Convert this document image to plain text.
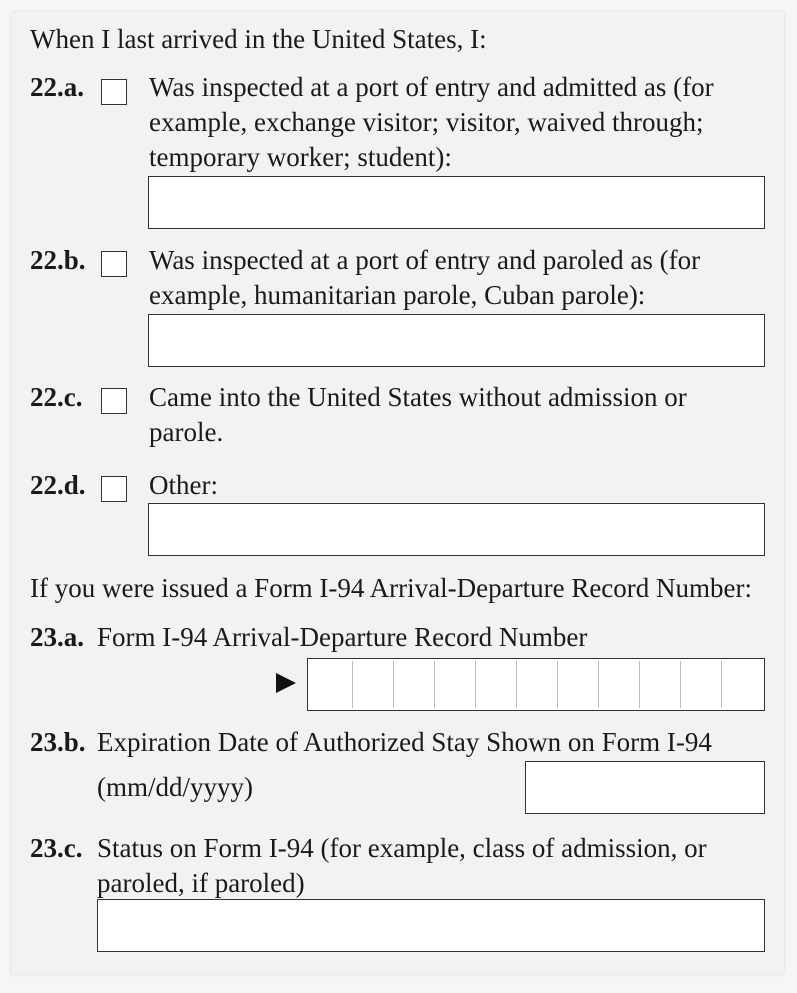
When I last arrived in the United States, I:
22.a. Was inspected at a port of entry and admitted as (for
example, exchange visitor; visitor, waived through;
temporary worker; student):
22.b. Was inspected at a port of entry and paroled as (for
example, humanitarian parole, Cuban parole):
22.c. Came into the United States without admission or
parole.
22.d. Other:
If you were issued a Form I-94 Arrival-Departure Record Number:
23.a. Form I-94 Arrival-Departure Record Number
23.b. Expiration Date of Authorized Stay Shown on Form I-94
(mm/dd/yyyy)
23.c. Status on Form I-94 (for example, class of admission, or
paroled, if paroled)
